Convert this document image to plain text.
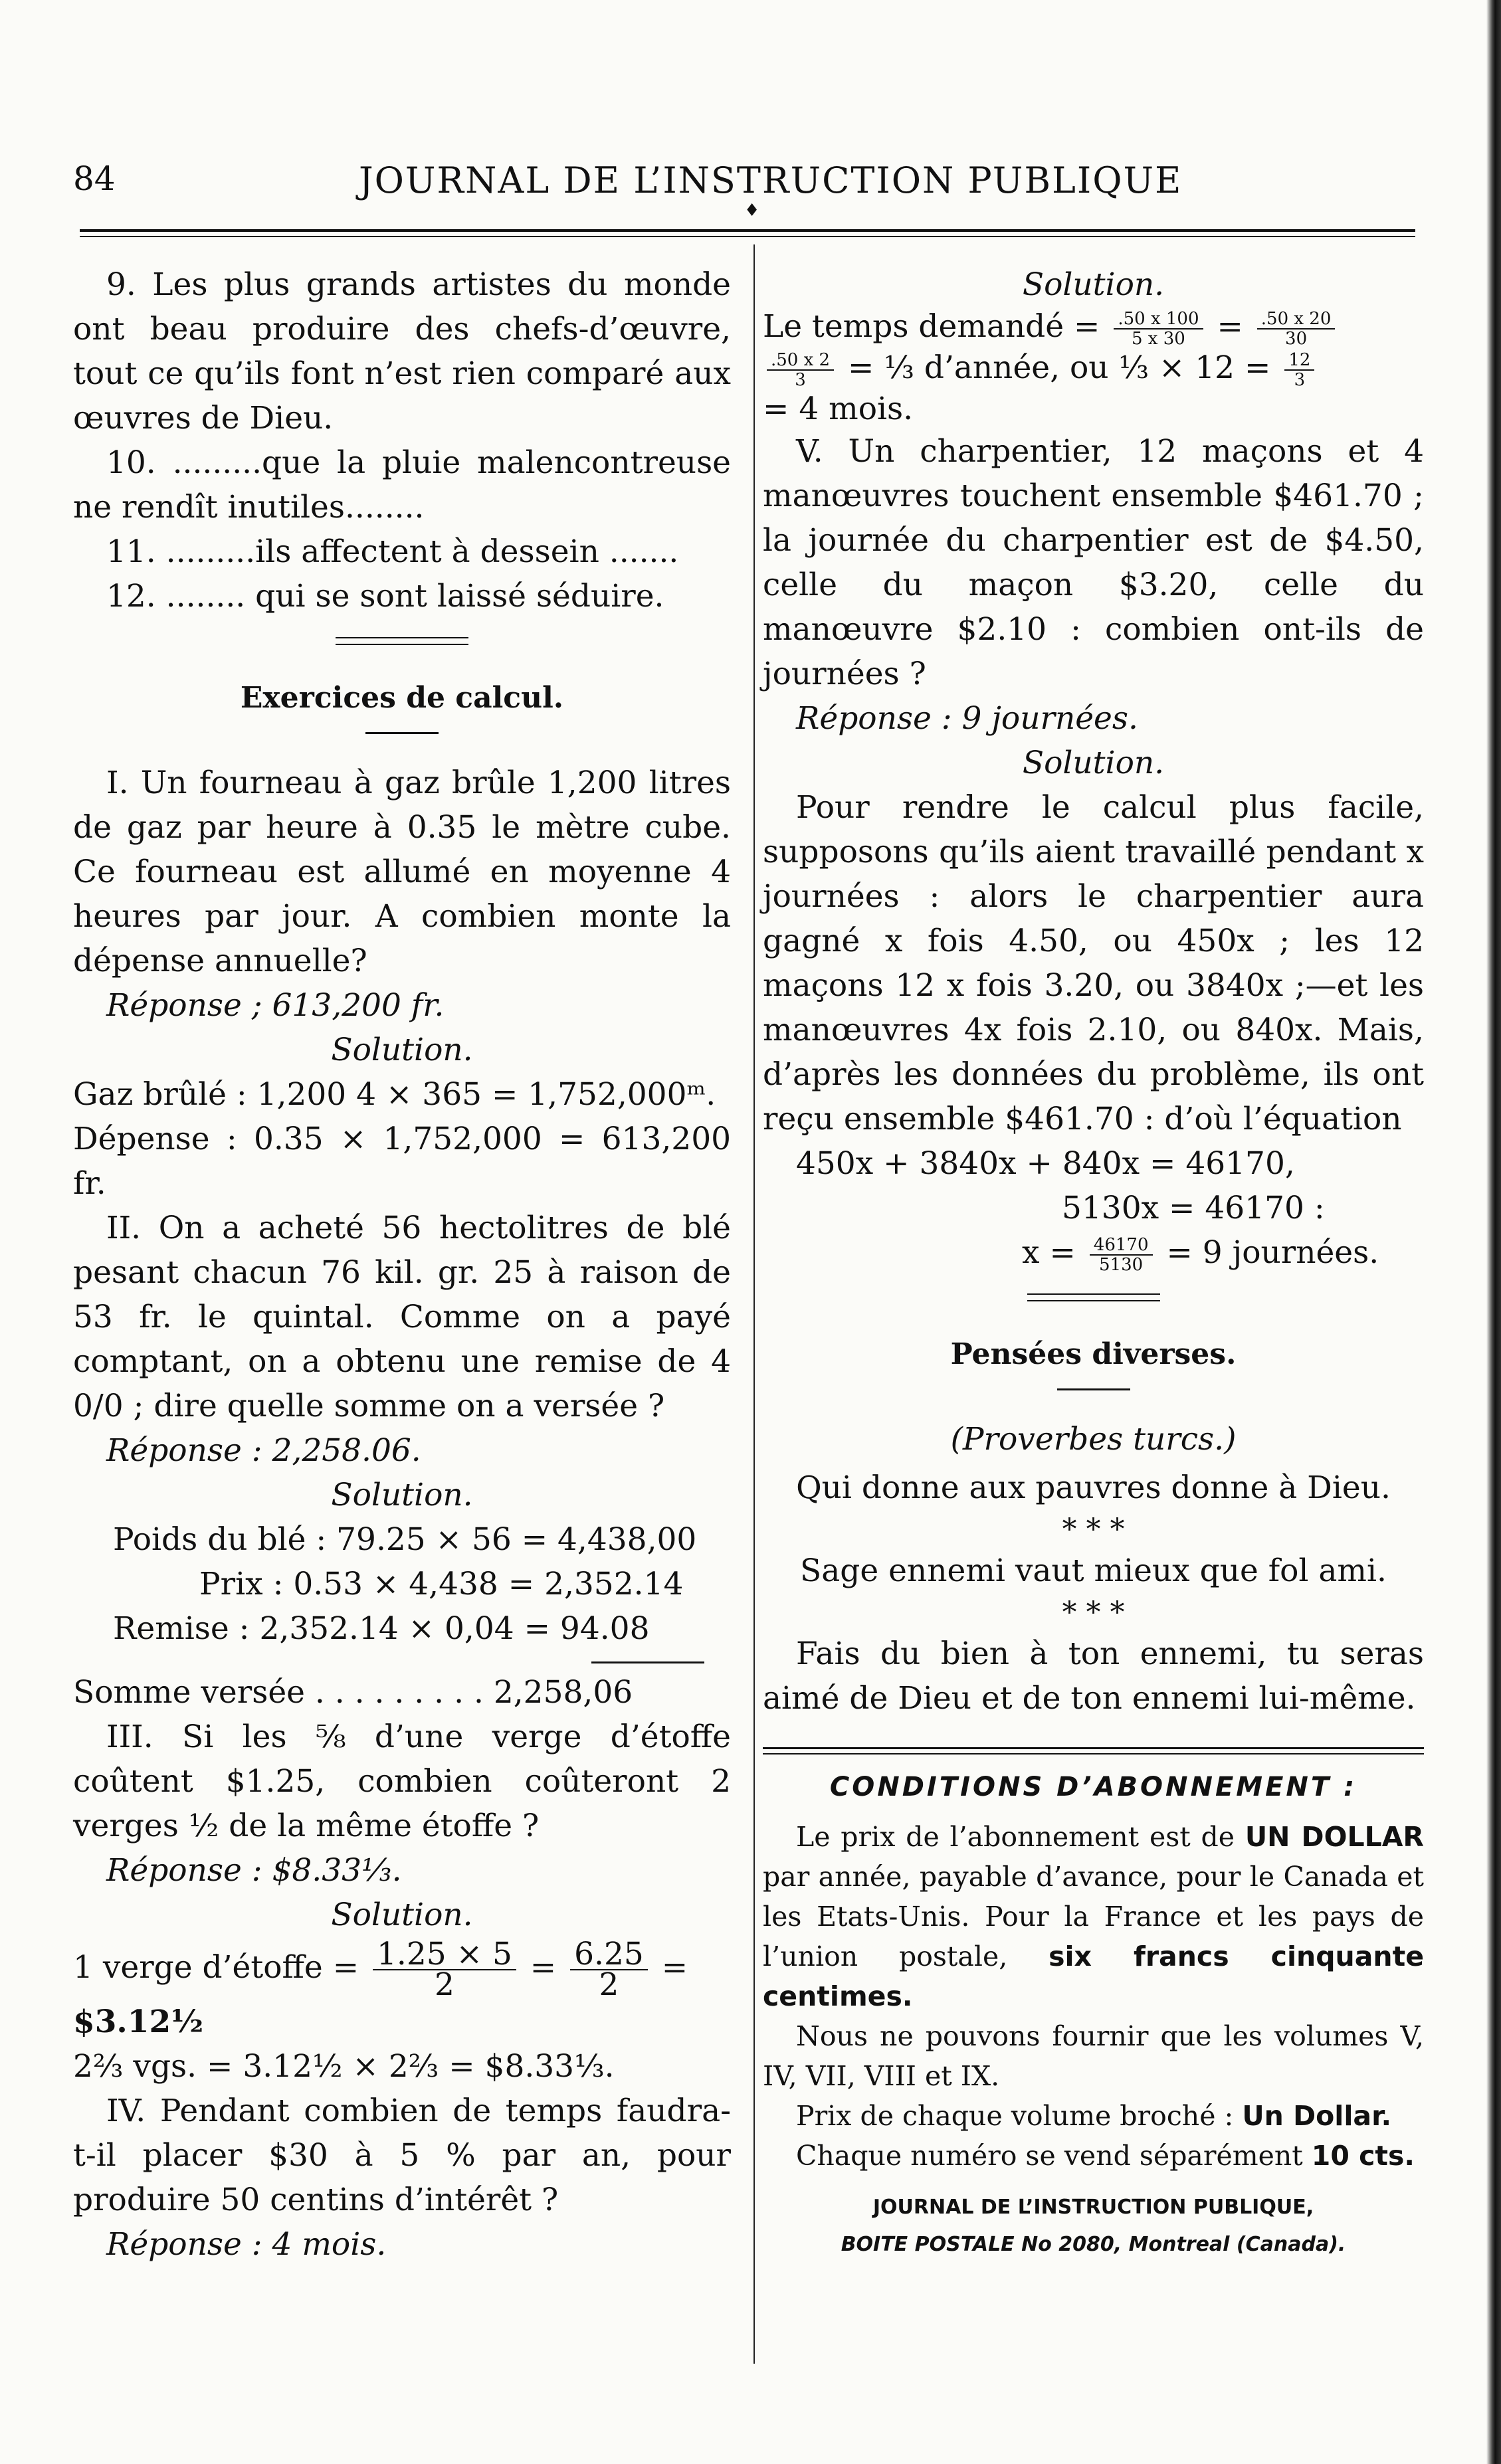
84	JOURNAL DE L’INSTRUCTION PUBLIQUE
♦

9. Les plus grands artistes du monde ont beau produire des chefs-d’œuvre, tout ce qu’ils font n’est rien comparé aux œuvres de Dieu.

10. .........que la pluie malencontreuse ne rendît inutiles........

11. .........ils affectent à dessein .......

12. ........ qui se sont laissé séduire.

Exercices de calcul.

I. Un fourneau à gaz brûle 1,200 litres de gaz par heure à 0.35 le mètre cube. Ce fourneau est allumé en moyenne 4 heures par jour. A combien monte la dépense annuelle?

Réponse ; 613,200 fr.

Solution.

Gaz brûlé : 1,200 4 × 365 = 1,752,000ᵐ.

Dépense : 0.35 × 1,752,000 = 613,200 fr.

II. On a acheté 56 hectolitres de blé pesant chacun 76 kil. gr. 25 à raison de 53 fr. le quintal. Comme on a payé comptant, on a obtenu une remise de 4 0/0 ; dire quelle somme on a versée ?

Réponse : 2,258.06.

Solution.

Poids du blé : 79.25 × 56 = 4,438,00

Prix : 0.53 × 4,438 = 2,352.14

Remise : 2,352.14 × 0,04 = 94.08

Somme versée . . . . . . . . . 2,258,06

III. Si les ⅝ d’une verge d’étoffe coûtent $1.25, combien coûteront 2 verges ½ de la même étoffe ?

Réponse : $8.33⅓.

Solution.

1 verge d’étoffe = $\frac{1.25 \times 5}{2} = \frac{6.25}{2}$ =

$3.12½

2⅔ vgs. = 3.12½ × 2⅔ = $8.33⅓.

IV. Pendant combien de temps faudra-t-il placer $30 à 5 % par an, pour produire 50 centins d’intérêt ?

Réponse : 4 mois.

Solution.

Le temps demandé = $\frac{.50 x 100}{5 x 30} = \frac{.50 x 20}{30}$

$\frac{.50 x 2}{3}$ = ⅓ d’année, ou ⅓ × $12 = \frac{12}{3}$

= 4 mois.

V. Un charpentier, 12 maçons et 4 manœuvres touchent ensemble $461.70 ; la journée du charpentier est de $4.50, celle du maçon $3.20, celle du manœuvre $2.10 : combien ont-ils de journées ?

Réponse : 9 journées.

Solution.

Pour rendre le calcul plus facile, supposons qu’ils aient travaillé pendant x journées : alors le charpentier aura gagné x fois 4.50, ou 450x ; les 12 maçons 12 x fois 3.20, ou 3840x ;—et les manœuvres 4x fois 2.10, ou 840x. Mais, d’après les données du problème, ils ont reçu ensemble $461.70 : d’où l’équation

450x + 3840x + 840x = 46170,

5130x = 46170 :

$x = \frac{46170}{5130} = 9$ journées.

Pensées diverses.

(Proverbes turcs.)

Qui donne aux pauvres donne à Dieu.

* * *

Sage ennemi vaut mieux que fol ami.

* * *

Fais du bien à ton ennemi, tu seras aimé de Dieu et de ton ennemi lui-même.

CONDITIONS D’ABONNEMENT :

Le prix de l’abonnement est de UN DOLLAR par année, payable d’avance, pour le Canada et les Etats-Unis. Pour la France et les pays de l’union postale, six francs cinquante centimes.

Nous ne pouvons fournir que les volumes V, IV, VII, VIII et IX.

Prix de chaque volume broché : Un Dollar.

Chaque numéro se vend séparément 10 cts.

JOURNAL DE L’INSTRUCTION PUBLIQUE,
BOITE POSTALE No 2080, Montreal (Canada).
